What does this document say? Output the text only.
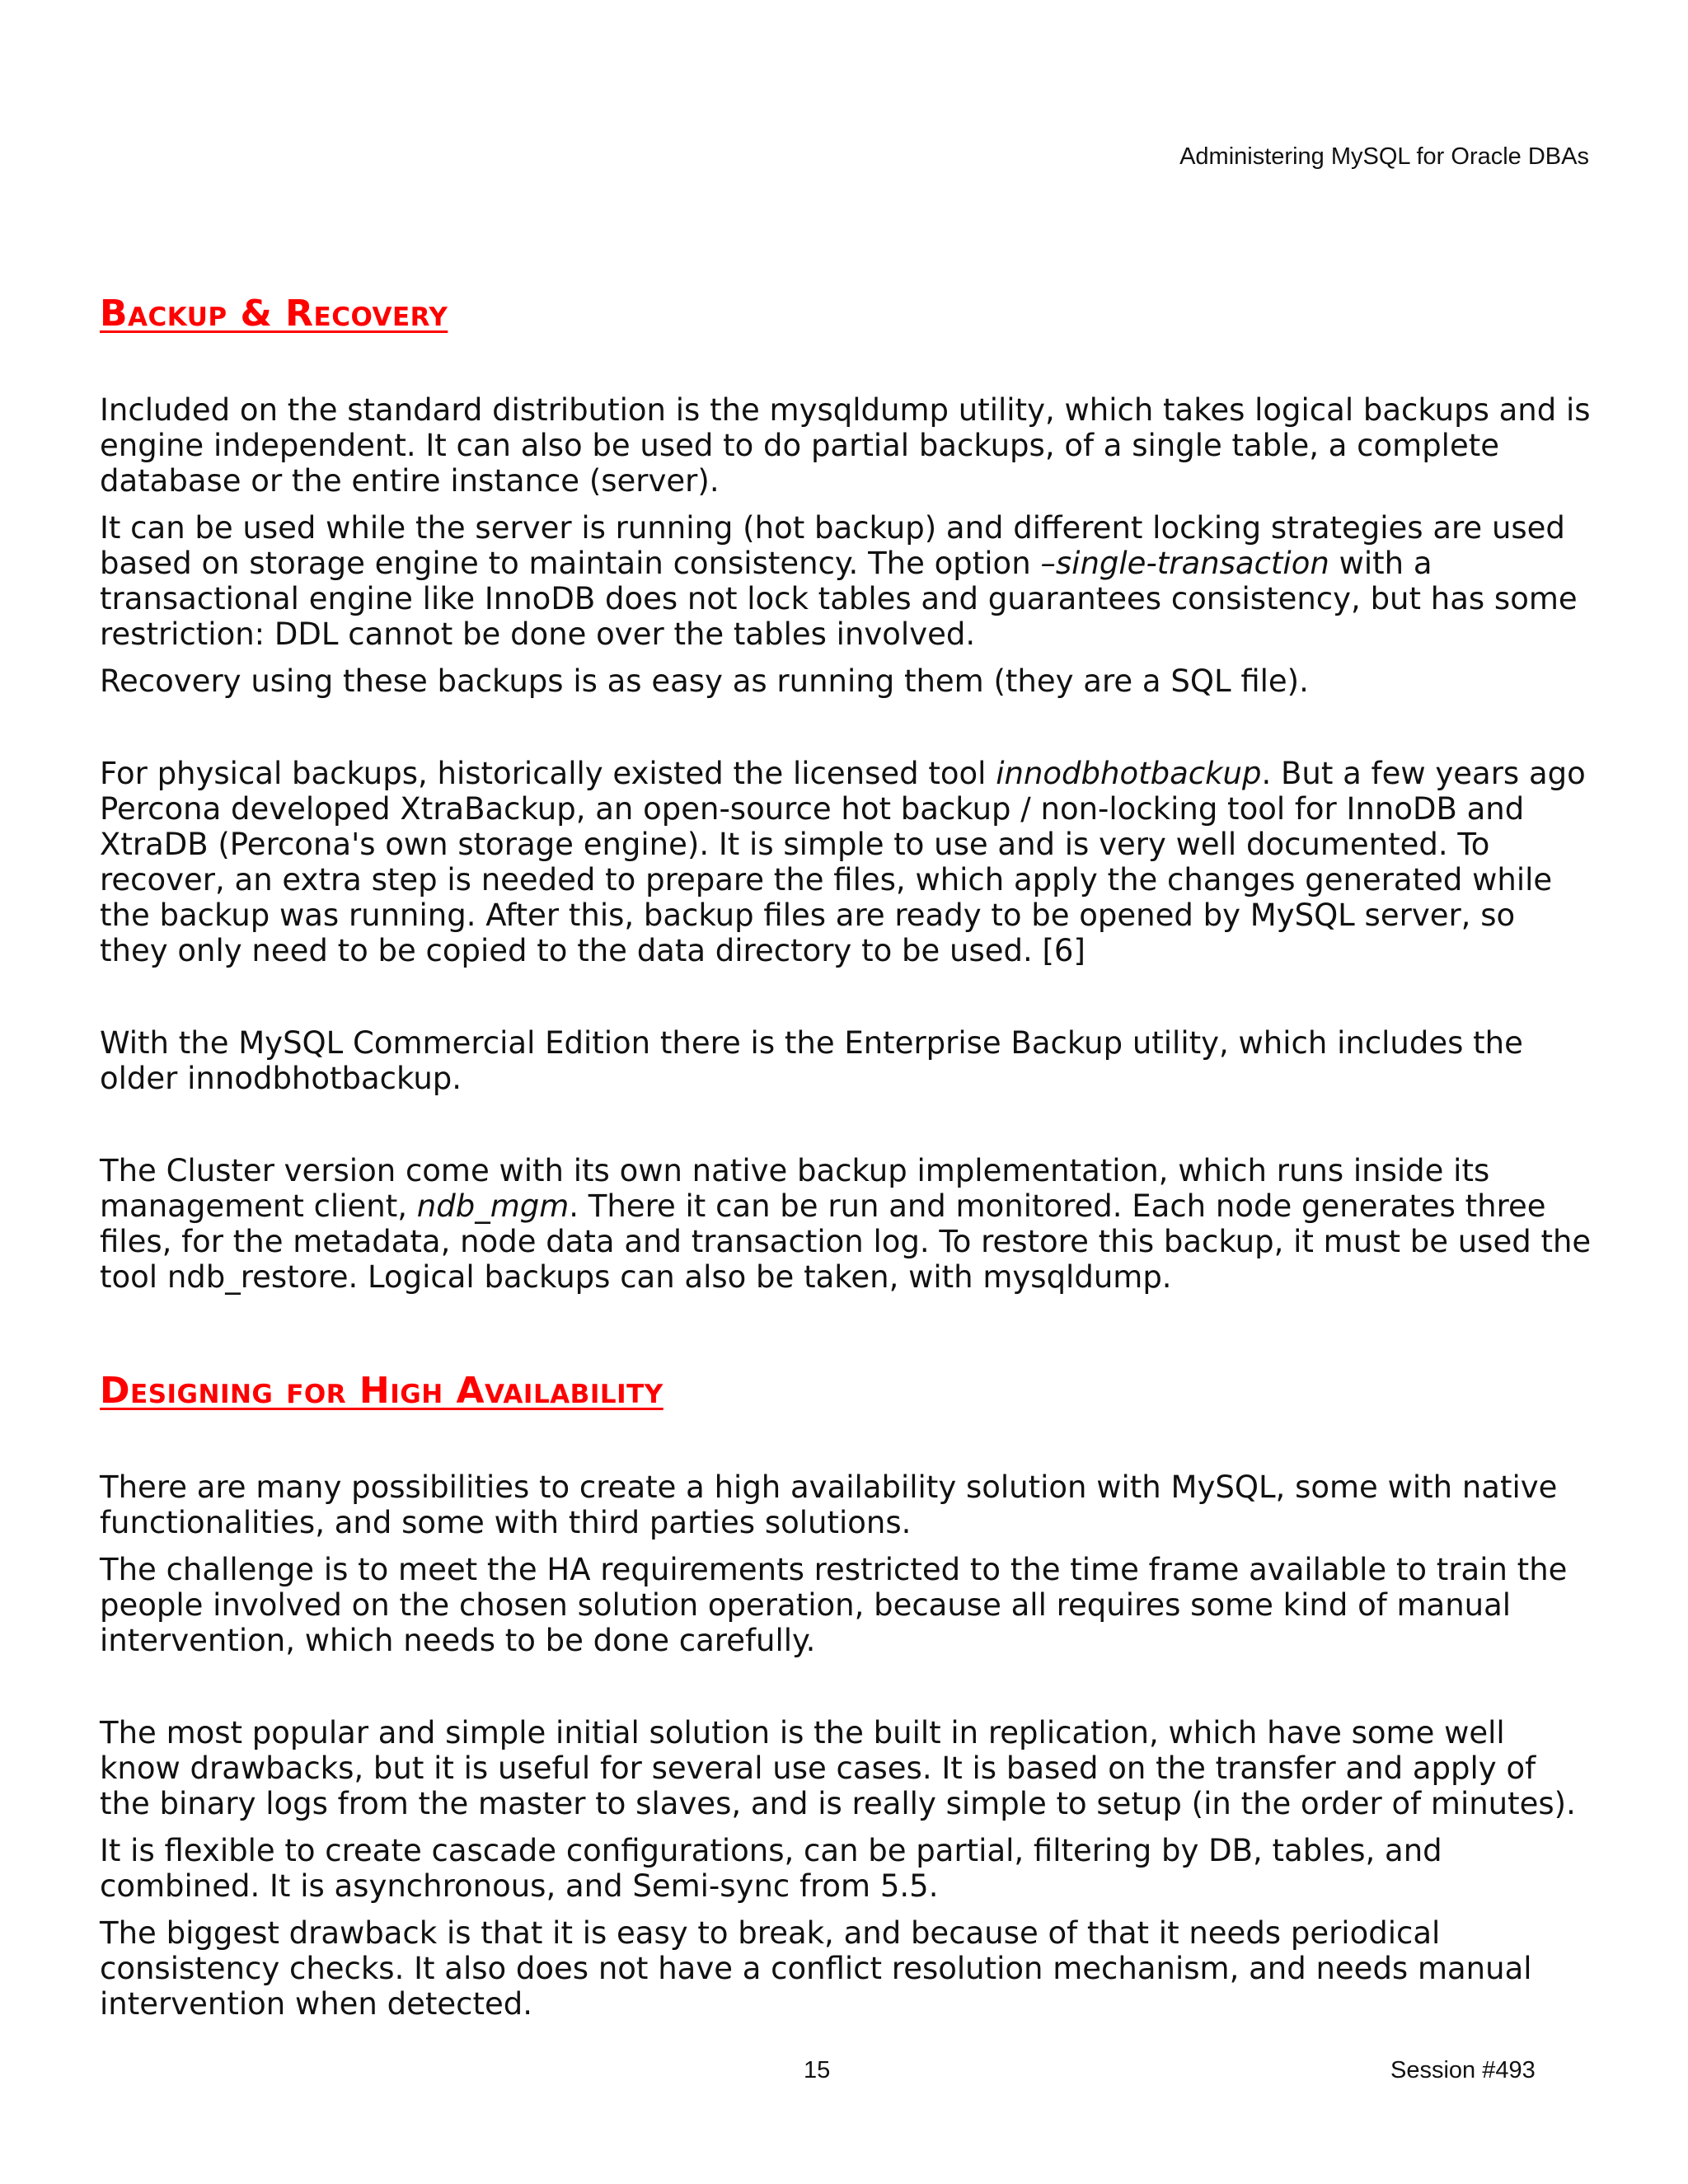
Administering MySQL for Oracle DBAs
Backup & Recovery

Included on the standard distribution is the mysqldump utility, which takes logical backups and is engine independent. It can also be used to do partial backups, of a single table, a complete database or the entire instance (server).

It can be used while the server is running (hot backup) and different locking strategies are used based on storage engine to maintain consistency. The option –single-transaction with a transactional engine like InnoDB does not lock tables and guarantees consistency, but has some restriction: DDL cannot be done over the tables involved.

Recovery using these backups is as easy as running them (they are a SQL file).

For physical backups, historically existed the licensed tool innodbhotbackup. But a few years ago Percona developed XtraBackup, an open-source hot backup / non-locking tool for InnoDB and XtraDB (Percona's own storage engine). It is simple to use and is very well documented. To recover, an extra step is needed to prepare the files, which apply the changes generated while the backup was running. After this, backup files are ready to be opened by MySQL server, so they only need to be copied to the data directory to be used. [6]

With the MySQL Commercial Edition there is the Enterprise Backup utility, which includes the older innodbhotbackup.

The Cluster version come with its own native backup implementation, which runs inside its management client, ndb_mgm. There it can be run and monitored. Each node generates three files, for the metadata, node data and transaction log. To restore this backup, it must be used the tool ndb_restore. Logical backups can also be taken, with mysqldump.

Designing for High Availability

There are many possibilities to create a high availability solution with MySQL, some with native functionalities, and some with third parties solutions.

The challenge is to meet the HA requirements restricted to the time frame available to train the people involved on the chosen solution operation, because all requires some kind of manual intervention, which needs to be done carefully.

The most popular and simple initial solution is the built in replication, which have some well know drawbacks, but it is useful for several use cases. It is based on the transfer and apply of the binary logs from the master to slaves, and is really simple to setup (in the order of minutes).

It is flexible to create cascade configurations, can be partial, filtering by DB, tables, and combined. It is asynchronous, and Semi-sync from 5.5.

The biggest drawback is that it is easy to break, and because of that it needs periodical consistency checks. It also does not have a conflict resolution mechanism, and needs manual intervention when detected.

15	Session #493
